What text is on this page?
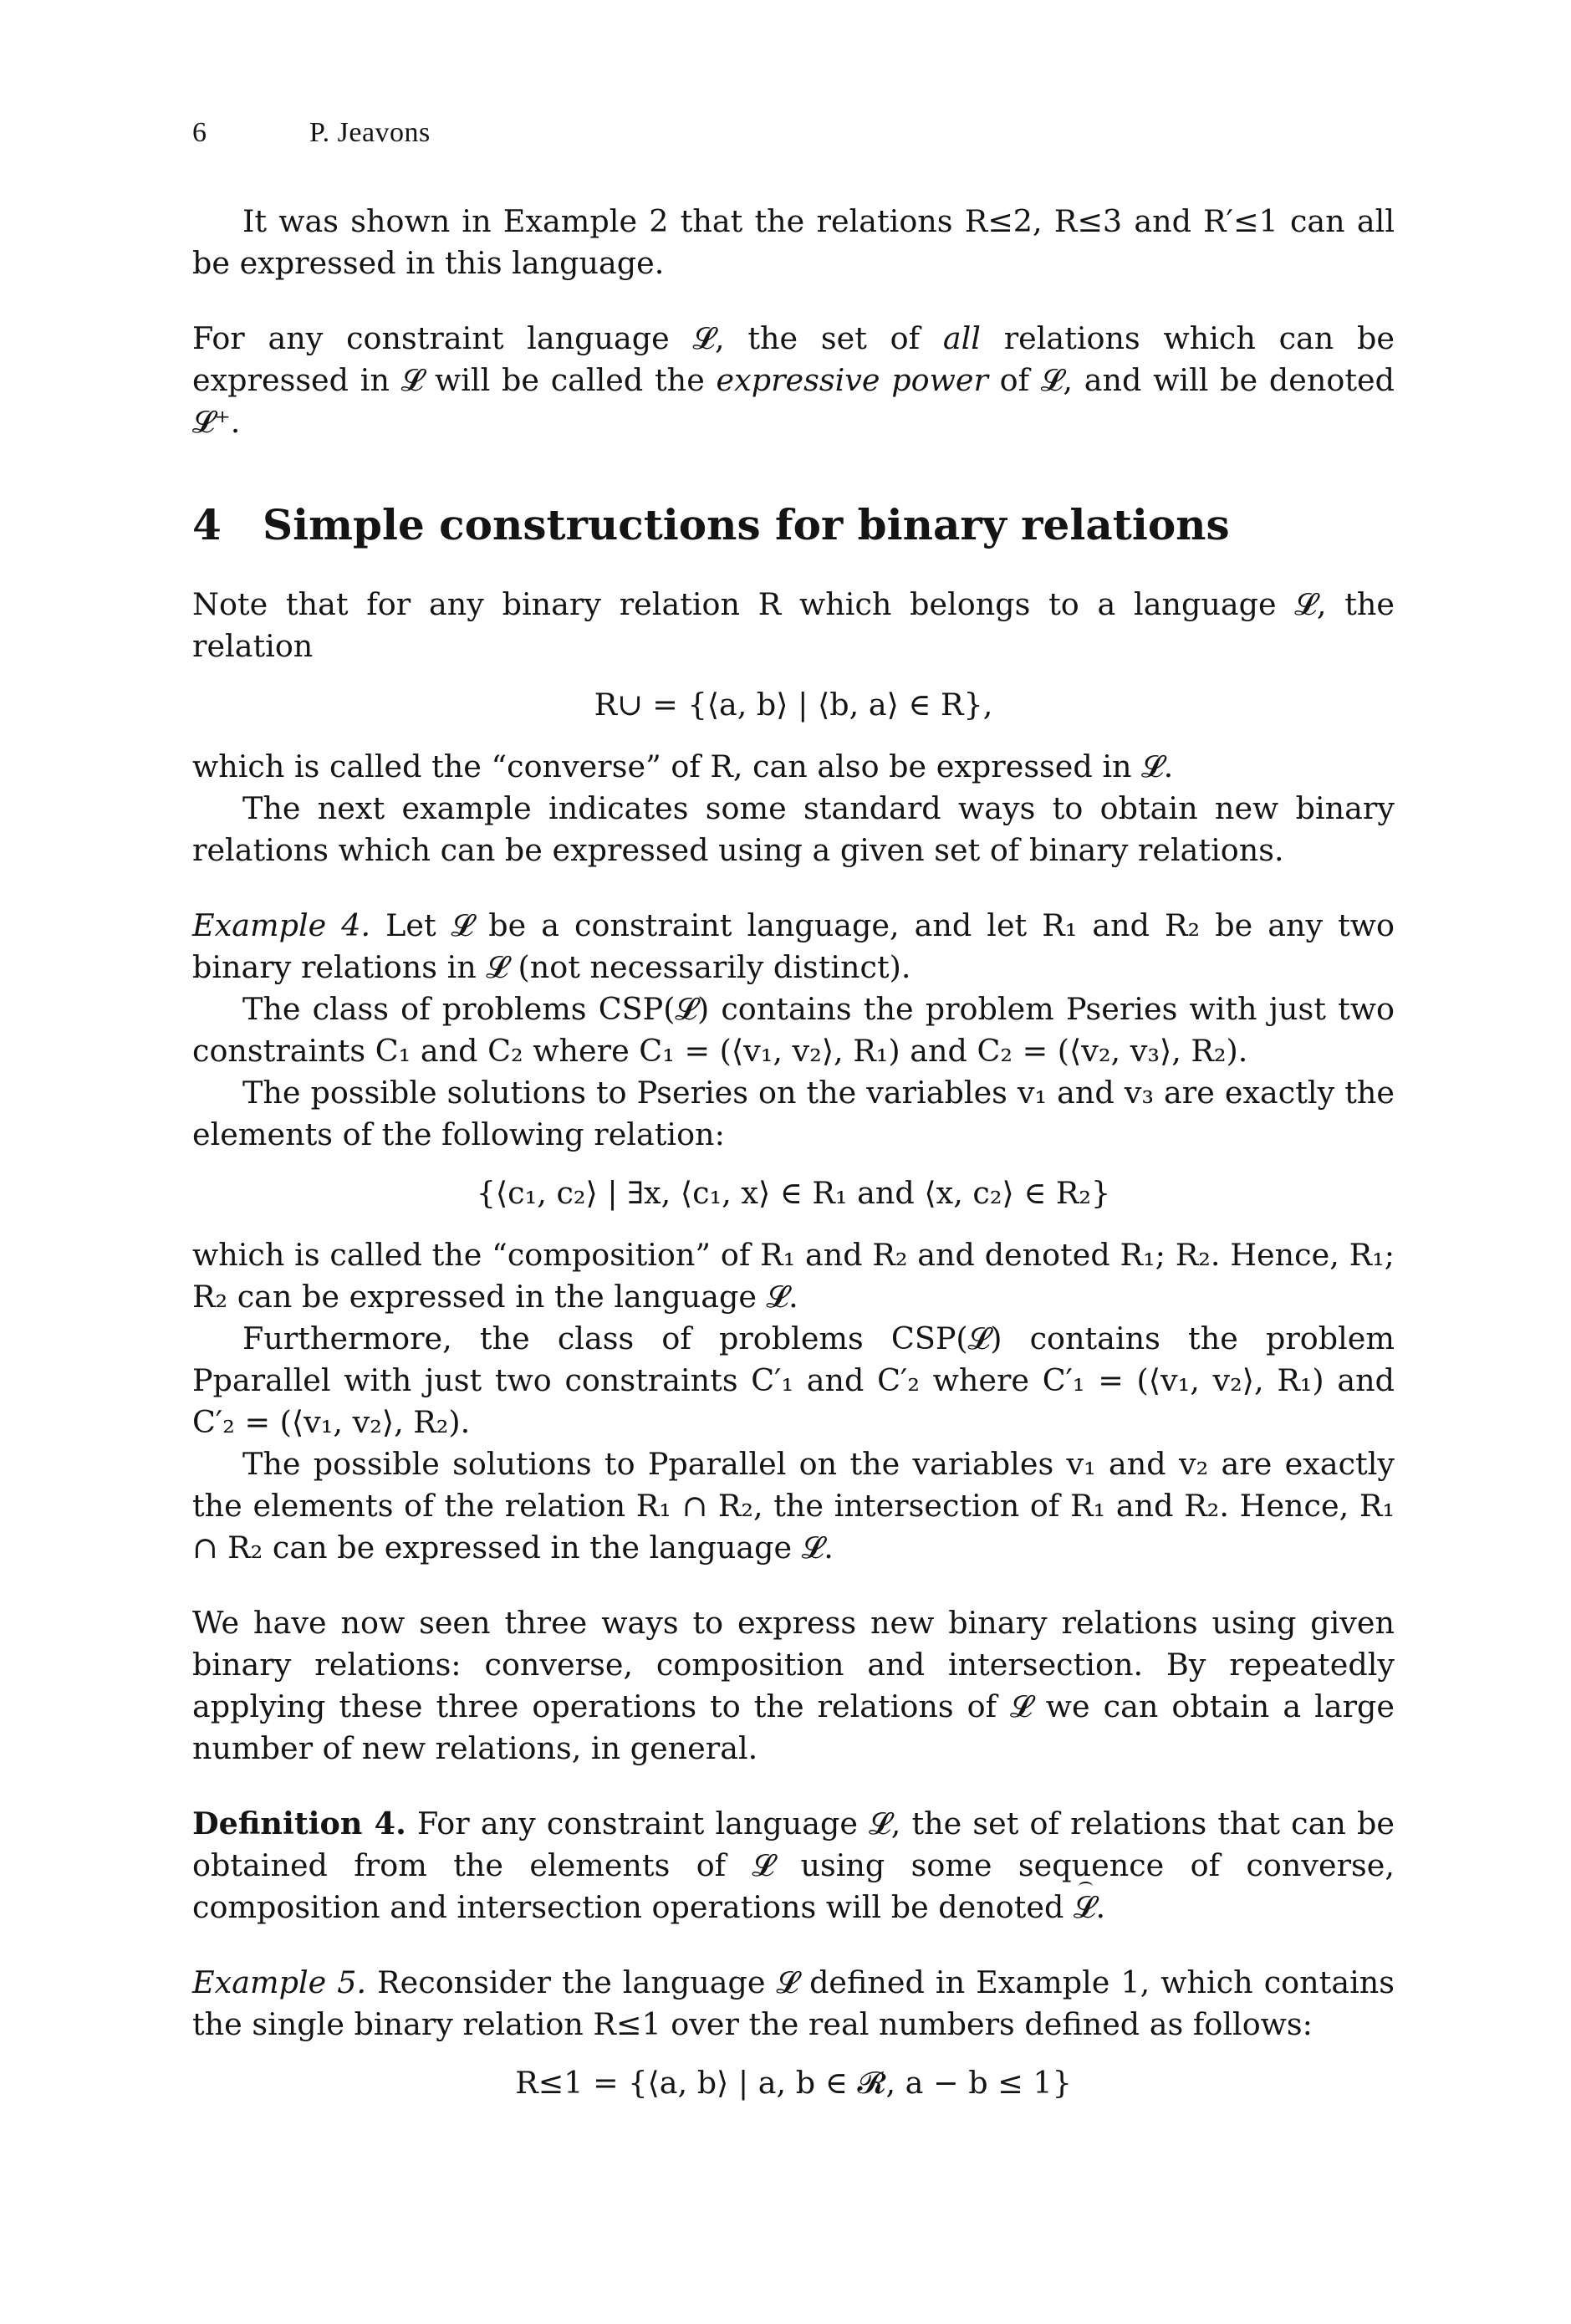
6	P. Jeavons

It was shown in Example 2 that the relations R≤2, R≤3 and R′≤1 can all be expressed in this language.

For any constraint language 𝓛, the set of all relations which can be expressed in 𝓛 will be called the expressive power of 𝓛, and will be denoted 𝓛⁺.

4 Simple constructions for binary relations

Note that for any binary relation R which belongs to a language 𝓛, the relation

R∪ = {⟨a, b⟩ | ⟨b, a⟩ ∈ R},

which is called the “converse” of R, can also be expressed in 𝓛.

The next example indicates some standard ways to obtain new binary relations which can be expressed using a given set of binary relations.

Example 4. Let 𝓛 be a constraint language, and let R₁ and R₂ be any two binary relations in 𝓛 (not necessarily distinct).

The class of problems CSP(𝓛) contains the problem Pseries with just two constraints C₁ and C₂ where C₁ = (⟨v₁, v₂⟩, R₁) and C₂ = (⟨v₂, v₃⟩, R₂).

The possible solutions to Pseries on the variables v₁ and v₃ are exactly the elements of the following relation:

{⟨c₁, c₂⟩ | ∃x, ⟨c₁, x⟩ ∈ R₁ and ⟨x, c₂⟩ ∈ R₂}

which is called the “composition” of R₁ and R₂ and denoted R₁; R₂. Hence, R₁; R₂ can be expressed in the language 𝓛.

Furthermore, the class of problems CSP(𝓛) contains the problem Pparallel with just two constraints C′₁ and C′₂ where C′₁ = (⟨v₁, v₂⟩, R₁) and C′₂ = (⟨v₁, v₂⟩, R₂).

The possible solutions to Pparallel on the variables v₁ and v₂ are exactly the elements of the relation R₁ ∩ R₂, the intersection of R₁ and R₂. Hence, R₁ ∩ R₂ can be expressed in the language 𝓛.

We have now seen three ways to express new binary relations using given binary relations: converse, composition and intersection. By repeatedly applying these three operations to the relations of 𝓛 we can obtain a large number of new relations, in general.

Definition 4. For any constraint language 𝓛, the set of relations that can be obtained from the elements of 𝓛 using some sequence of converse, composition and intersection operations will be denoted 𝓛.

Example 5. Reconsider the language 𝓛 defined in Example 1, which contains the single binary relation R≤1 over the real numbers defined as follows:

R≤1 = {⟨a, b⟩ | a, b ∈ 𝓡, a − b ≤ 1}
